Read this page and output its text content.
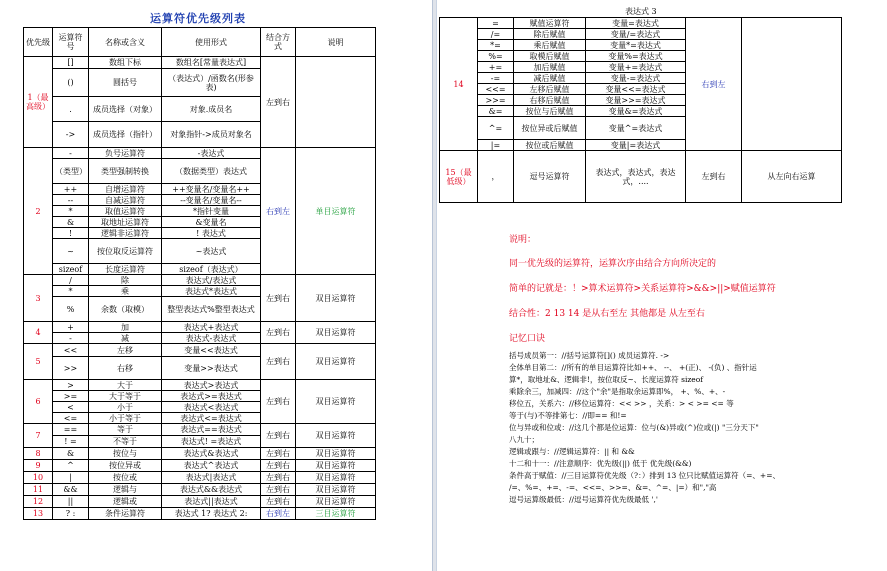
运算符优先级列表
优先级	运算符号	名称或含义	使用形式	结合方式	说明
1（最高级）	[]	数组下标	数组名[常量表达式]	左到右	
	()	圆括号	（表达式）/函数名(形参表)		
	.	成员选择（对象）	对象.成员名		
	->	成员选择（指针）	对象指针->成员对象名		
2	-	负号运算符	-表达式	右到左	单目运算符
	（类型）	类型强制转换	（数据类型）表达式		
	++	自增运算符	++变量名/变量名++		
	--	自减运算符	--变量名/变量名--		
	*	取值运算符	*指针变量		
	&	取地址运算符	&变量名		
	!	逻辑非运算符	! 表达式		
	~	按位取反运算符	~表达式		
	sizeof	长度运算符	sizeof（表达式）		
3	/	除	表达式/表达式	左到右	双目运算符
	*	乘	表达式*表达式		
	%	余数（取模）	整型表达式%整型表达式		
4	+	加	表达式+表达式	左到右	双目运算符
	-	减	表达式-表达式		
5	<<	左移	变量<<表达式	左到右	双目运算符
	>>	右移	变量>>表达式		
6	>	大于	表达式>表达式	左到右	双目运算符
	>=	大于等于	表达式>=表达式		
	<	小于	表达式<表达式		
	<=	小于等于	表达式<=表达式		
7	==	等于	表达式==表达式	左到右	双目运算符
	! =	不等于	表达式! =表达式		
8	&	按位与	表达式&表达式	左到右	双目运算符
9	^	按位异或	表达式^表达式	左到右	双目运算符
10	|	按位或	表达式|表达式	左到右	双目运算符
11	&&	逻辑与	表达式&&表达式	左到右	双目运算符
12	||	逻辑或	表达式||表达式	左到右	双目运算符
13	? :	条件运算符	表达式 1? 表达式 2:	右到左	三目运算符
表达式 3
14	=	赋值运算符	变量=表达式	右到左	
	/=	除后赋值	变量/=表达式		
	*=	乘后赋值	变量*=表达式		
	%=	取模后赋值	变量%=表达式		
	+=	加后赋值	变量+=表达式		
	-=	减后赋值	变量-=表达式		
	<<=	左移后赋值	变量<<=表达式		
	>>=	右移后赋值	变量>>=表达式		
	&=	按位与后赋值	变量&=表达式		
	^=	按位异或后赋值	变量^=表达式		
	|=	按位或后赋值	变量|=表达式		
15（最低级）	，	逗号运算符	表达式，表达式，表达式，....	左到右	从左向右运算
说明：
同一优先级的运算符，运算次序由结合方向所决定的
简单的记就是：！>算术运算符>关系运算符>&&>||>赋值运算符
结合性：2 13 14 是从右至左 其他都是 从左至右
记忆口诀
括号成员第一：//括号运算符[]() 成员运算符. ->
全体单目第二：//所有的单目运算符比如++、 --、 +(正)、 -(负) 、指针运
算*，取地址&、逻辑非!，按位取反~、长度运算符 sizeof
乘除余三，加减四：//这个"余"是指取余运算即%， +、%、+、-
移位五，关系六：//移位运算符：<< >> ，关系：> < >= <= 等
等于(与)不等排第七：//即== 和!=
位与异或和位或：//这几个都是位运算：位与(&)异或(^)位或(|) "三分天下"
八九十；
逻辑或跟与：//逻辑运算符：|| 和 &&
十二和十一：//注意顺序：优先级(||) 低于 优先级(&&)
条件高于赋值：//三目运算符优先级（?：）排到 13 位只比赋值运算符（=、+=、
/=、%=、+=、-=、<<=、>>=、&=、^=、|=）和","高
逗号运算级最低：//逗号运算符优先级最低 ','
